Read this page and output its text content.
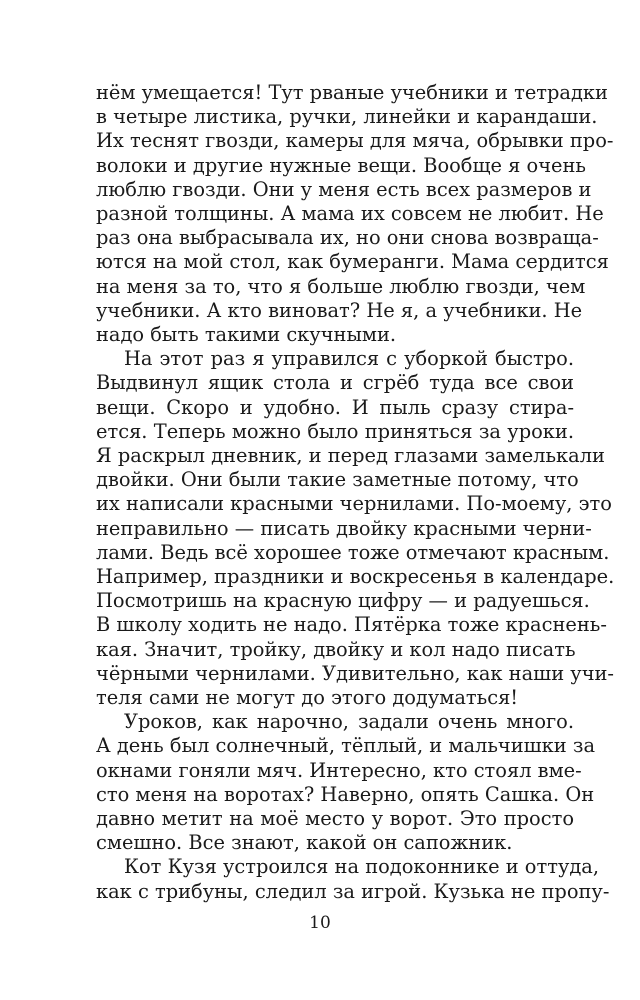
нём умещается! Тут рваные учебники и тетрадки
в четыре листика, ручки, линейки и карандаши.
Их теснят гвозди, камеры для мяча, обрывки про-
волоки и другие нужные вещи. Вообще я очень
люблю гвозди. Они у меня есть всех размеров и
разной толщины. А мама их совсем не любит. Не
раз она выбрасывала их, но они снова возвраща-
ются на мой стол, как бумеранги. Мама сердится
на меня за то, что я больше люблю гвозди, чем
учебники. А кто виноват? Не я, а учебники. Не
надо быть такими скучными.
На этот раз я управился с уборкой быстро.
Выдвинул ящик стола и сгрёб туда все свои
вещи. Скоро и удобно. И пыль сразу стира-
ется. Теперь можно было приняться за уроки.
Я раскрыл дневник, и перед глазами замелькали
двойки. Они были такие заметные потому, что
их написали красными чернилами. По-моему, это
неправильно — писать двойку красными черни-
лами. Ведь всё хорошее тоже отмечают красным.
Например, праздники и воскресенья в календаре.
Посмотришь на красную цифру — и радуешься.
В школу ходить не надо. Пятёрка тоже краснень-
кая. Значит, тройку, двойку и кол надо писать
чёрными чернилами. Удивительно, как наши учи-
теля сами не могут до этого додуматься!
Уроков, как нарочно, задали очень много.
А день был солнечный, тёплый, и мальчишки за
окнами гоняли мяч. Интересно, кто стоял вме-
сто меня на воротах? Наверно, опять Сашка. Он
давно метит на моё место у ворот. Это просто
смешно. Все знают, какой он сапожник.
Кот Кузя устроился на подоконнике и оттуда,
как с трибуны, следил за игрой. Кузька не пропу-
10
